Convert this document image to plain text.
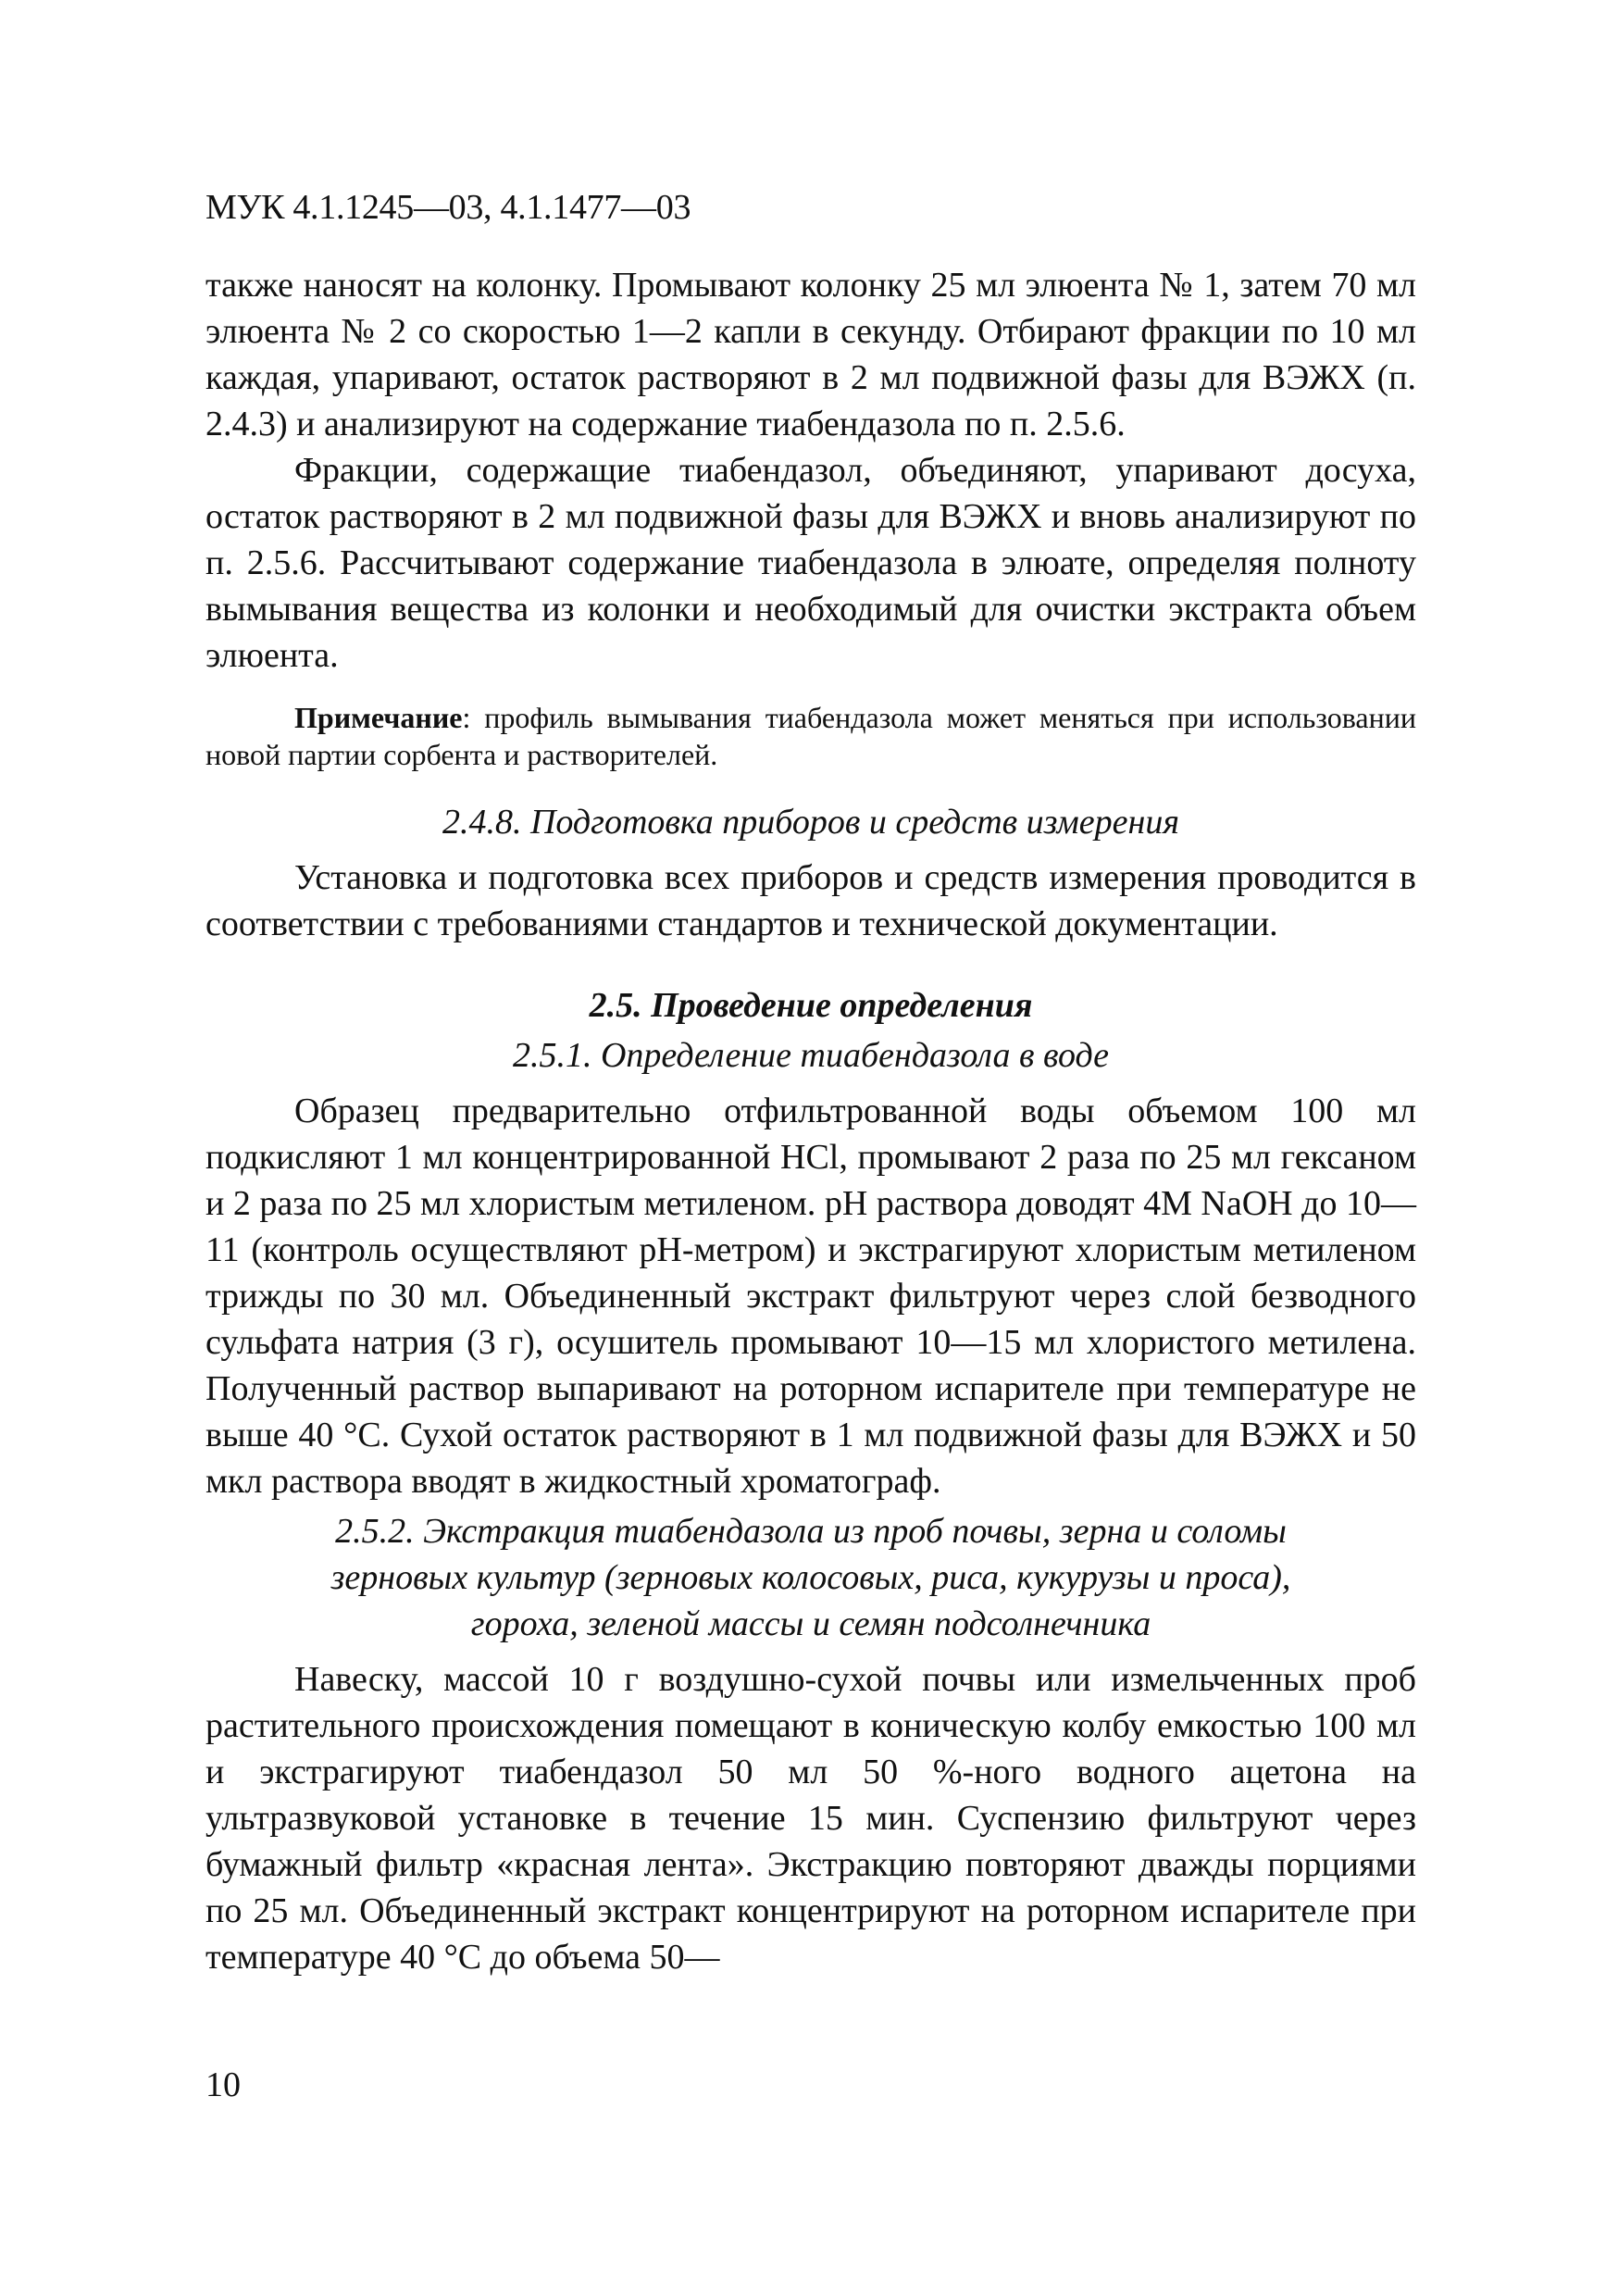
МУК 4.1.1245—03, 4.1.1477—03

также наносят на колонку. Промывают колонку 25 мл элюента № 1, затем 70 мл элюента № 2 со скоростью 1—2 капли в секунду. Отбирают фракции по 10 мл каждая, упаривают, остаток растворяют в 2 мл подвижной фазы для ВЭЖХ (п. 2.4.3) и анализируют на содержание тиабендазола по п. 2.5.6.

Фракции, содержащие тиабендазол, объединяют, упаривают досуха, остаток растворяют в 2 мл подвижной фазы для ВЭЖХ и вновь анализируют по п. 2.5.6. Рассчитывают содержание тиабендазола в элюате, определяя полноту вымывания вещества из колонки и необходимый для очистки экстракта объем элюента.

Примечание: профиль вымывания тиабендазола может меняться при использовании новой партии сорбента и растворителей.

2.4.8. Подготовка приборов и средств измерения

Установка и подготовка всех приборов и средств измерения проводится в соответствии с требованиями стандартов и технической документации.

2.5. Проведение определения

2.5.1. Определение тиабендазола в воде

Образец предварительно отфильтрованной воды объемом 100 мл подкисляют 1 мл концентрированной HCl, промывают 2 раза по 25 мл гексаном и 2 раза по 25 мл хлористым метиленом. pH раствора доводят 4М NaOH до 10—11 (контроль осуществляют pH-метром) и экстрагируют хлористым метиленом трижды по 30 мл. Объединенный экстракт фильтруют через слой безводного сульфата натрия (3 г), осушитель промывают 10—15 мл хлористого метилена. Полученный раствор выпаривают на роторном испарителе при температуре не выше 40 °С. Сухой остаток растворяют в 1 мл подвижной фазы для ВЭЖХ и 50 мкл раствора вводят в жидкостный хроматограф.

2.5.2. Экстракция тиабендазола из проб почвы, зерна и соломы
зерновых культур (зерновых колосовых, риса, кукурузы и проса),
гороха, зеленой массы и семян подсолнечника

Навеску, массой 10 г воздушно-сухой почвы или измельченных проб растительного происхождения помещают в коническую колбу емкостью 100 мл и экстрагируют тиабендазол 50 мл 50 %-ного водного ацетона на ультразвуковой установке в течение 15 мин. Суспензию фильтруют через бумажный фильтр «красная лента». Экстракцию повторяют дважды порциями по 25 мл. Объединенный экстракт концентрируют на роторном испарителе при температуре 40 °С до объема 50—

10
